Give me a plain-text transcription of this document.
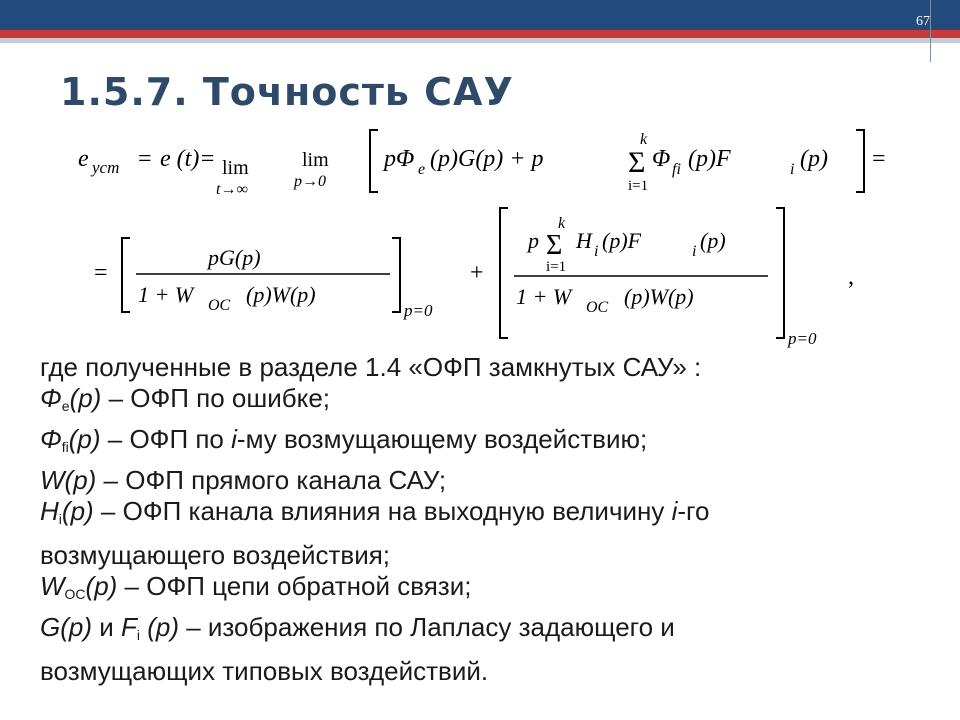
67
1.5.7. Точность САУ
e уст = e (t)= lim
t→∞
lim
p→0
pΦ e (p)G(p) + p	Σ
k
i=1
Φ fi (p)F	i (p) =
=
pG(p)
1 + W OC (p)W(p)
p=0
+
p Σ
k
i=1
H i (p)F	i (p)
1 + W OC (p)W(p)
p=0
,
где полученные в разделе 1.4 «ОФП замкнутых САУ» :
$\Phi_e(p)$ – ОФП по ошибке;
$\Phi_{fi}(p)$ – ОФП по i-му возмущающему воздействию;
W(p) – ОФП прямого канала САУ;
$H_i(p)$ – ОФП канала влияния на выходную величину i-го
возмущающего воздействия;
$W_{OC}(p)$ – ОФП цепи обратной связи;
G(p) и $F_i$ (p) – изображения по Лапласу задающего и
возмущающих типовых воздействий.
